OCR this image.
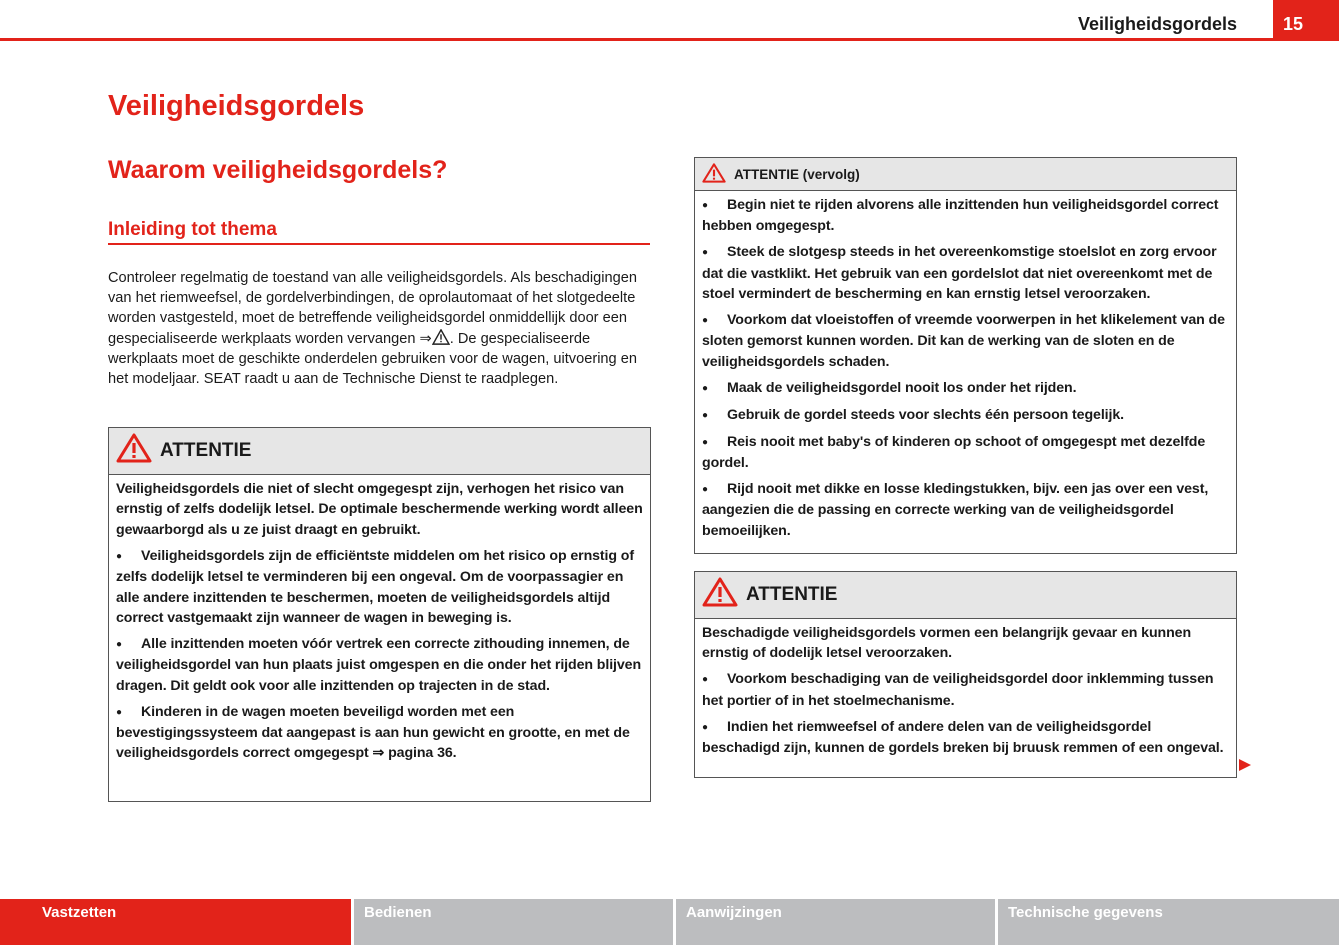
Veiligheidsgordels	15
Veiligheidsgordels
Waarom veiligheidsgordels?
Inleiding tot thema
Controleer regelmatig de toestand van alle veiligheidsgordels. Als beschadigingen van het riemweefsel, de gordelverbindingen, de oprolautomaat of het slotgedeelte worden vastgesteld, moet de betreffende veiligheidsgordel onmiddellijk door een gespecialiseerde werkplaats worden vervangen ⇒ . De gespecialiseerde werkplaats moet de geschikte onderdelen gebruiken voor de wagen, uitvoering en het modeljaar. SEAT raadt u aan de Technische Dienst te raadplegen.
ATTENTIE

Veiligheidsgordels die niet of slecht omgegespt zijn, verhogen het risico van ernstig of zelfs dodelijk letsel. De optimale beschermende werking wordt alleen gewaarborgd als u ze juist draagt en gebruikt.

● Veiligheidsgordels zijn de efficiëntste middelen om het risico op ernstig of zelfs dodelijk letsel te verminderen bij een ongeval. Om de voorpassagier en alle andere inzittenden te beschermen, moeten de veiligheidsgordels altijd correct vastgemaakt zijn wanneer de wagen in beweging is.

● Alle inzittenden moeten vóór vertrek een correcte zithouding innemen, de veiligheidsgordel van hun plaats juist omgespen en die onder het rijden blijven dragen. Dit geldt ook voor alle inzittenden op trajecten in de stad.

● Kinderen in de wagen moeten beveiligd worden met een bevestigingssysteem dat aangepast is aan hun gewicht en grootte, en met de veiligheidsgordels correct omgegespt ⇒ pagina 36.

ATTENTIE (vervolg)

● Begin niet te rijden alvorens alle inzittenden hun veiligheidsgordel correct hebben omgegespt.

● Steek de slotgesp steeds in het overeenkomstige stoelslot en zorg ervoor dat die vastklikt. Het gebruik van een gordelslot dat niet overeenkomt met de stoel vermindert de bescherming en kan ernstig letsel veroorzaken.

● Voorkom dat vloeistoffen of vreemde voorwerpen in het klikelement van de sloten gemorst kunnen worden. Dit kan de werking van de sloten en de veiligheidsgordels schaden.

● Maak de veiligheidsgordel nooit los onder het rijden.

● Gebruik de gordel steeds voor slechts één persoon tegelijk.

● Reis nooit met baby's of kinderen op schoot of omgegespt met dezelfde gordel.

● Rijd nooit met dikke en losse kledingstukken, bijv. een jas over een vest, aangezien die de passing en correcte werking van de veiligheidsgordel bemoeilijken.

ATTENTIE

Beschadigde veiligheidsgordels vormen een belangrijk gevaar en kunnen ernstig of dodelijk letsel veroorzaken.

● Voorkom beschadiging van de veiligheidsgordel door inklemming tussen het portier of in het stoelmechanisme.

● Indien het riemweefsel of andere delen van de veiligheidsgordel beschadigd zijn, kunnen de gordels breken bij bruusk remmen of een ongeval.

Vastzetten	Bedienen	Aanwijzingen	Technische gegevens
